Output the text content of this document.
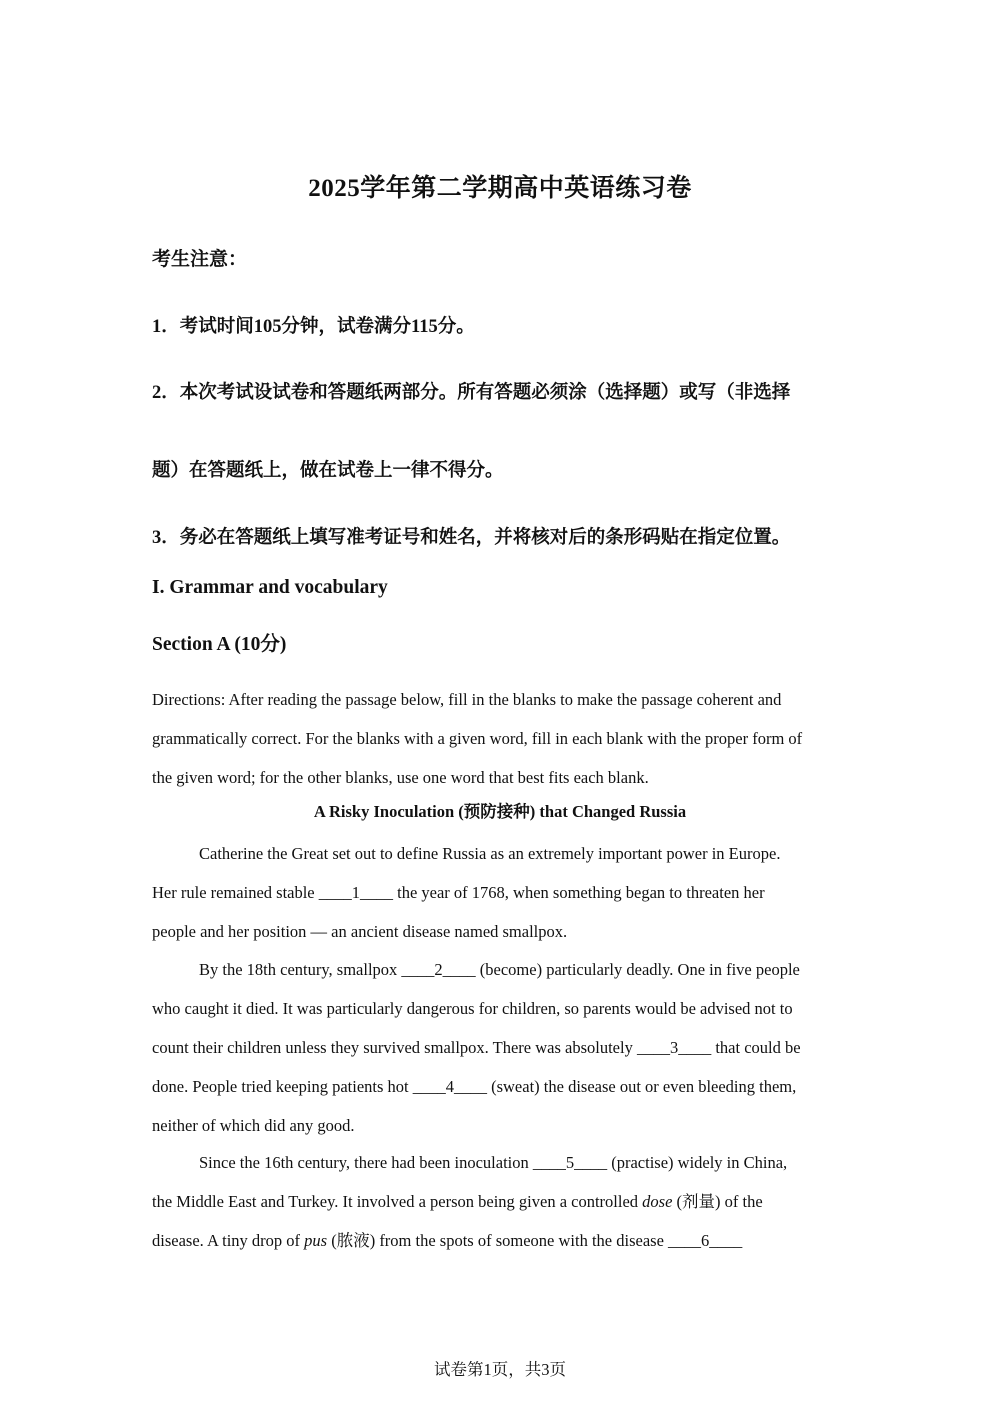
2025学年第二学期高中英语练习卷
考生注意：
1．考试时间105分钟，试卷满分115分。
2．本次考试设试卷和答题纸两部分。所有答题必须涂（选择题）或写（非选择
题）在答题纸上，做在试卷上一律不得分。
3．务必在答题纸上填写准考证号和姓名，并将核对后的条形码贴在指定位置。
I. Grammar and vocabulary
Section A (10分)

Directions: After reading the passage below, fill in the blanks to make the passage coherent and

grammatically correct. For the blanks with a given word, fill in each blank with the proper form of

the given word; for the other blanks, use one word that best fits each blank.

A Risky Inoculation (预防接种) that Changed Russia

Catherine the Great set out to define Russia as an extremely important power in Europe.

Her rule remained stable ____1____ the year of 1768, when something began to threaten her

people and her position — an ancient disease named smallpox.

By the 18th century, smallpox ____2____ (become) particularly deadly. One in five people

who caught it died. It was particularly dangerous for children, so parents would be advised not to

count their children unless they survived smallpox. There was absolutely ____3____ that could be

done. People tried keeping patients hot ____4____ (sweat) the disease out or even bleeding them,

neither of which did any good.

Since the 16th century, there had been inoculation ____5____ (practise) widely in China,

the Middle East and Turkey. It involved a person being given a controlled dose (剂量) of the

disease. A tiny drop of pus (脓液) from the spots of someone with the disease ____6____

试卷第1页，共3页
